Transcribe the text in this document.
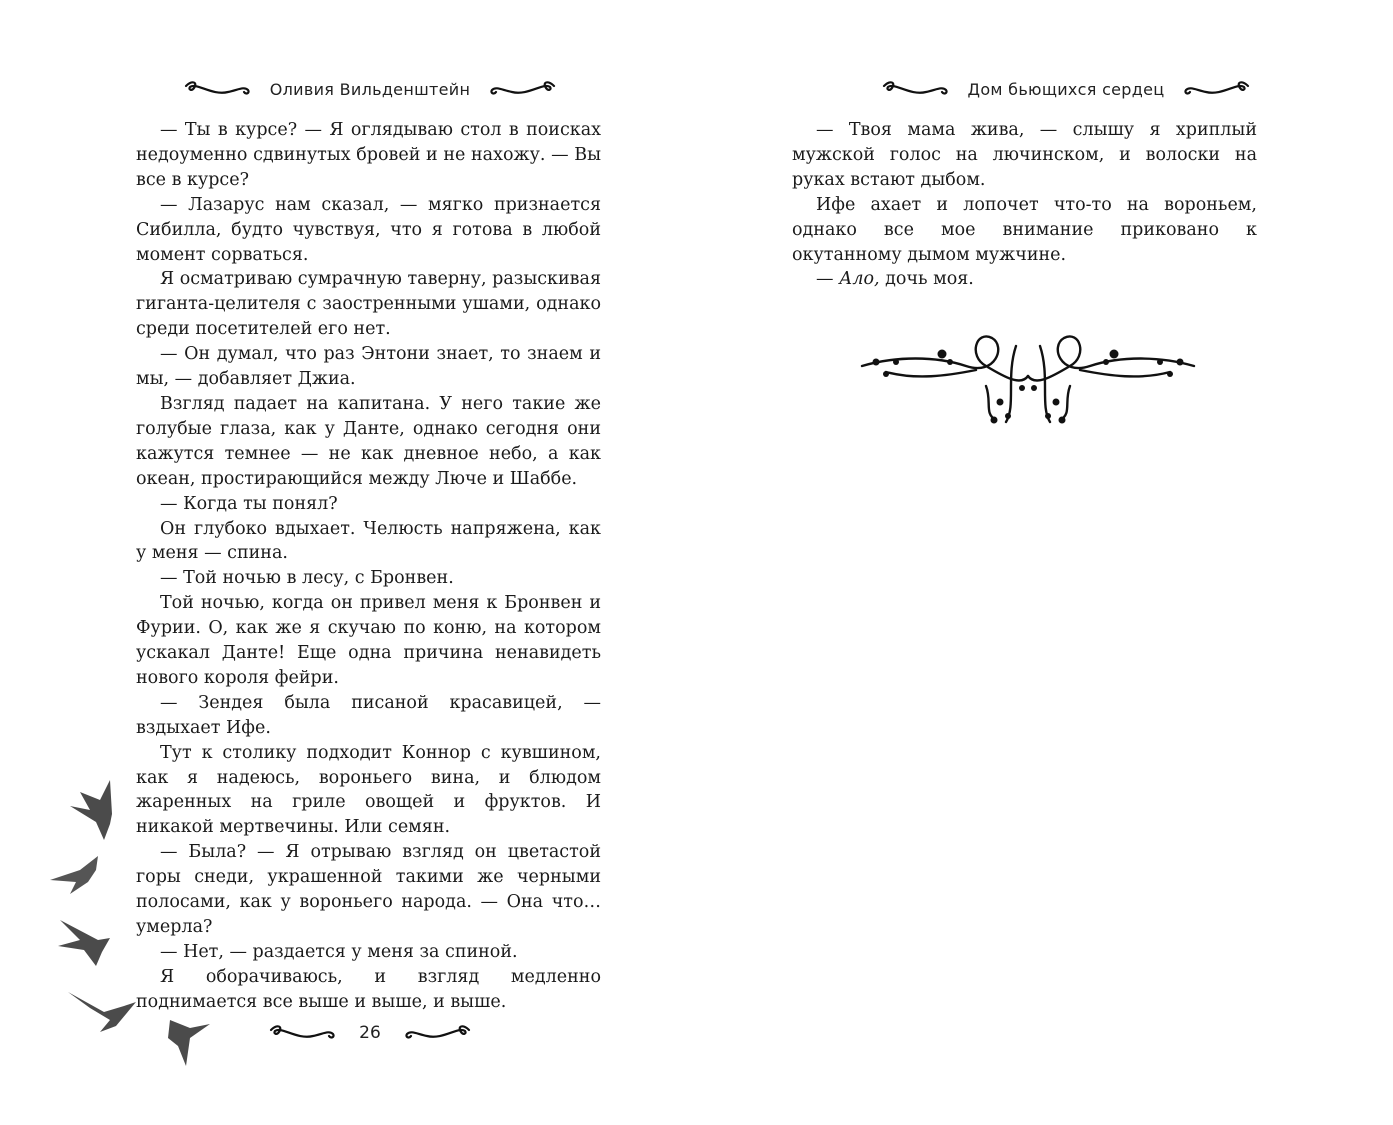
Оливия Вильденштейн

— Ты в курсе? — Я оглядываю стол в поисках недоуменно сдвинутых бровей и не нахожу. — Вы все в курсе?

— Лазарус нам сказал, — мягко признается Сибилла, будто чувствуя, что я готова в любой момент сорваться.

Я осматриваю сумрачную таверну, разыскивая гиганта-целителя с заостренными ушами, однако среди посетителей его нет.

— Он думал, что раз Энтони знает, то знаем и мы, — добавляет Джиа.

Взгляд падает на капитана. У него такие же голубые глаза, как у Данте, однако сегодня они кажутся темнее — не как дневное небо, а как океан, простирающийся между Люче и Шаббе.

— Когда ты понял?

Он глубоко вдыхает. Челюсть напряжена, как у меня — спина.

— Той ночью в лесу, с Бронвен.

Той ночью, когда он привел меня к Бронвен и Фурии. О, как же я скучаю по коню, на котором ускакал Данте! Еще одна причина ненавидеть нового короля фейри.

— Зендея была писаной красавицей, — вздыхает Ифе.

Тут к столику подходит Коннор с кувшином, как я надеюсь, вороньего вина, и блюдом жаренных на гриле овощей и фруктов. И никакой мертвечины. Или семян.

— Была? — Я отрываю взгляд он цветастой горы снеди, украшенной такими же черными полосами, как у вороньего народа. — Она что… умерла?

— Нет, — раздается у меня за спиной.

Я оборачиваюсь, и взгляд медленно поднимается все выше и выше, и выше.

26
Дом бьющихся сердец

— Твоя мама жива, — слышу я хриплый мужской голос на лючинском, и волоски на руках встают дыбом.

Ифе ахает и лопочет что-то на вороньем, однако все мое внимание приковано к окутанному дымом мужчине.

— Ало, дочь моя.
